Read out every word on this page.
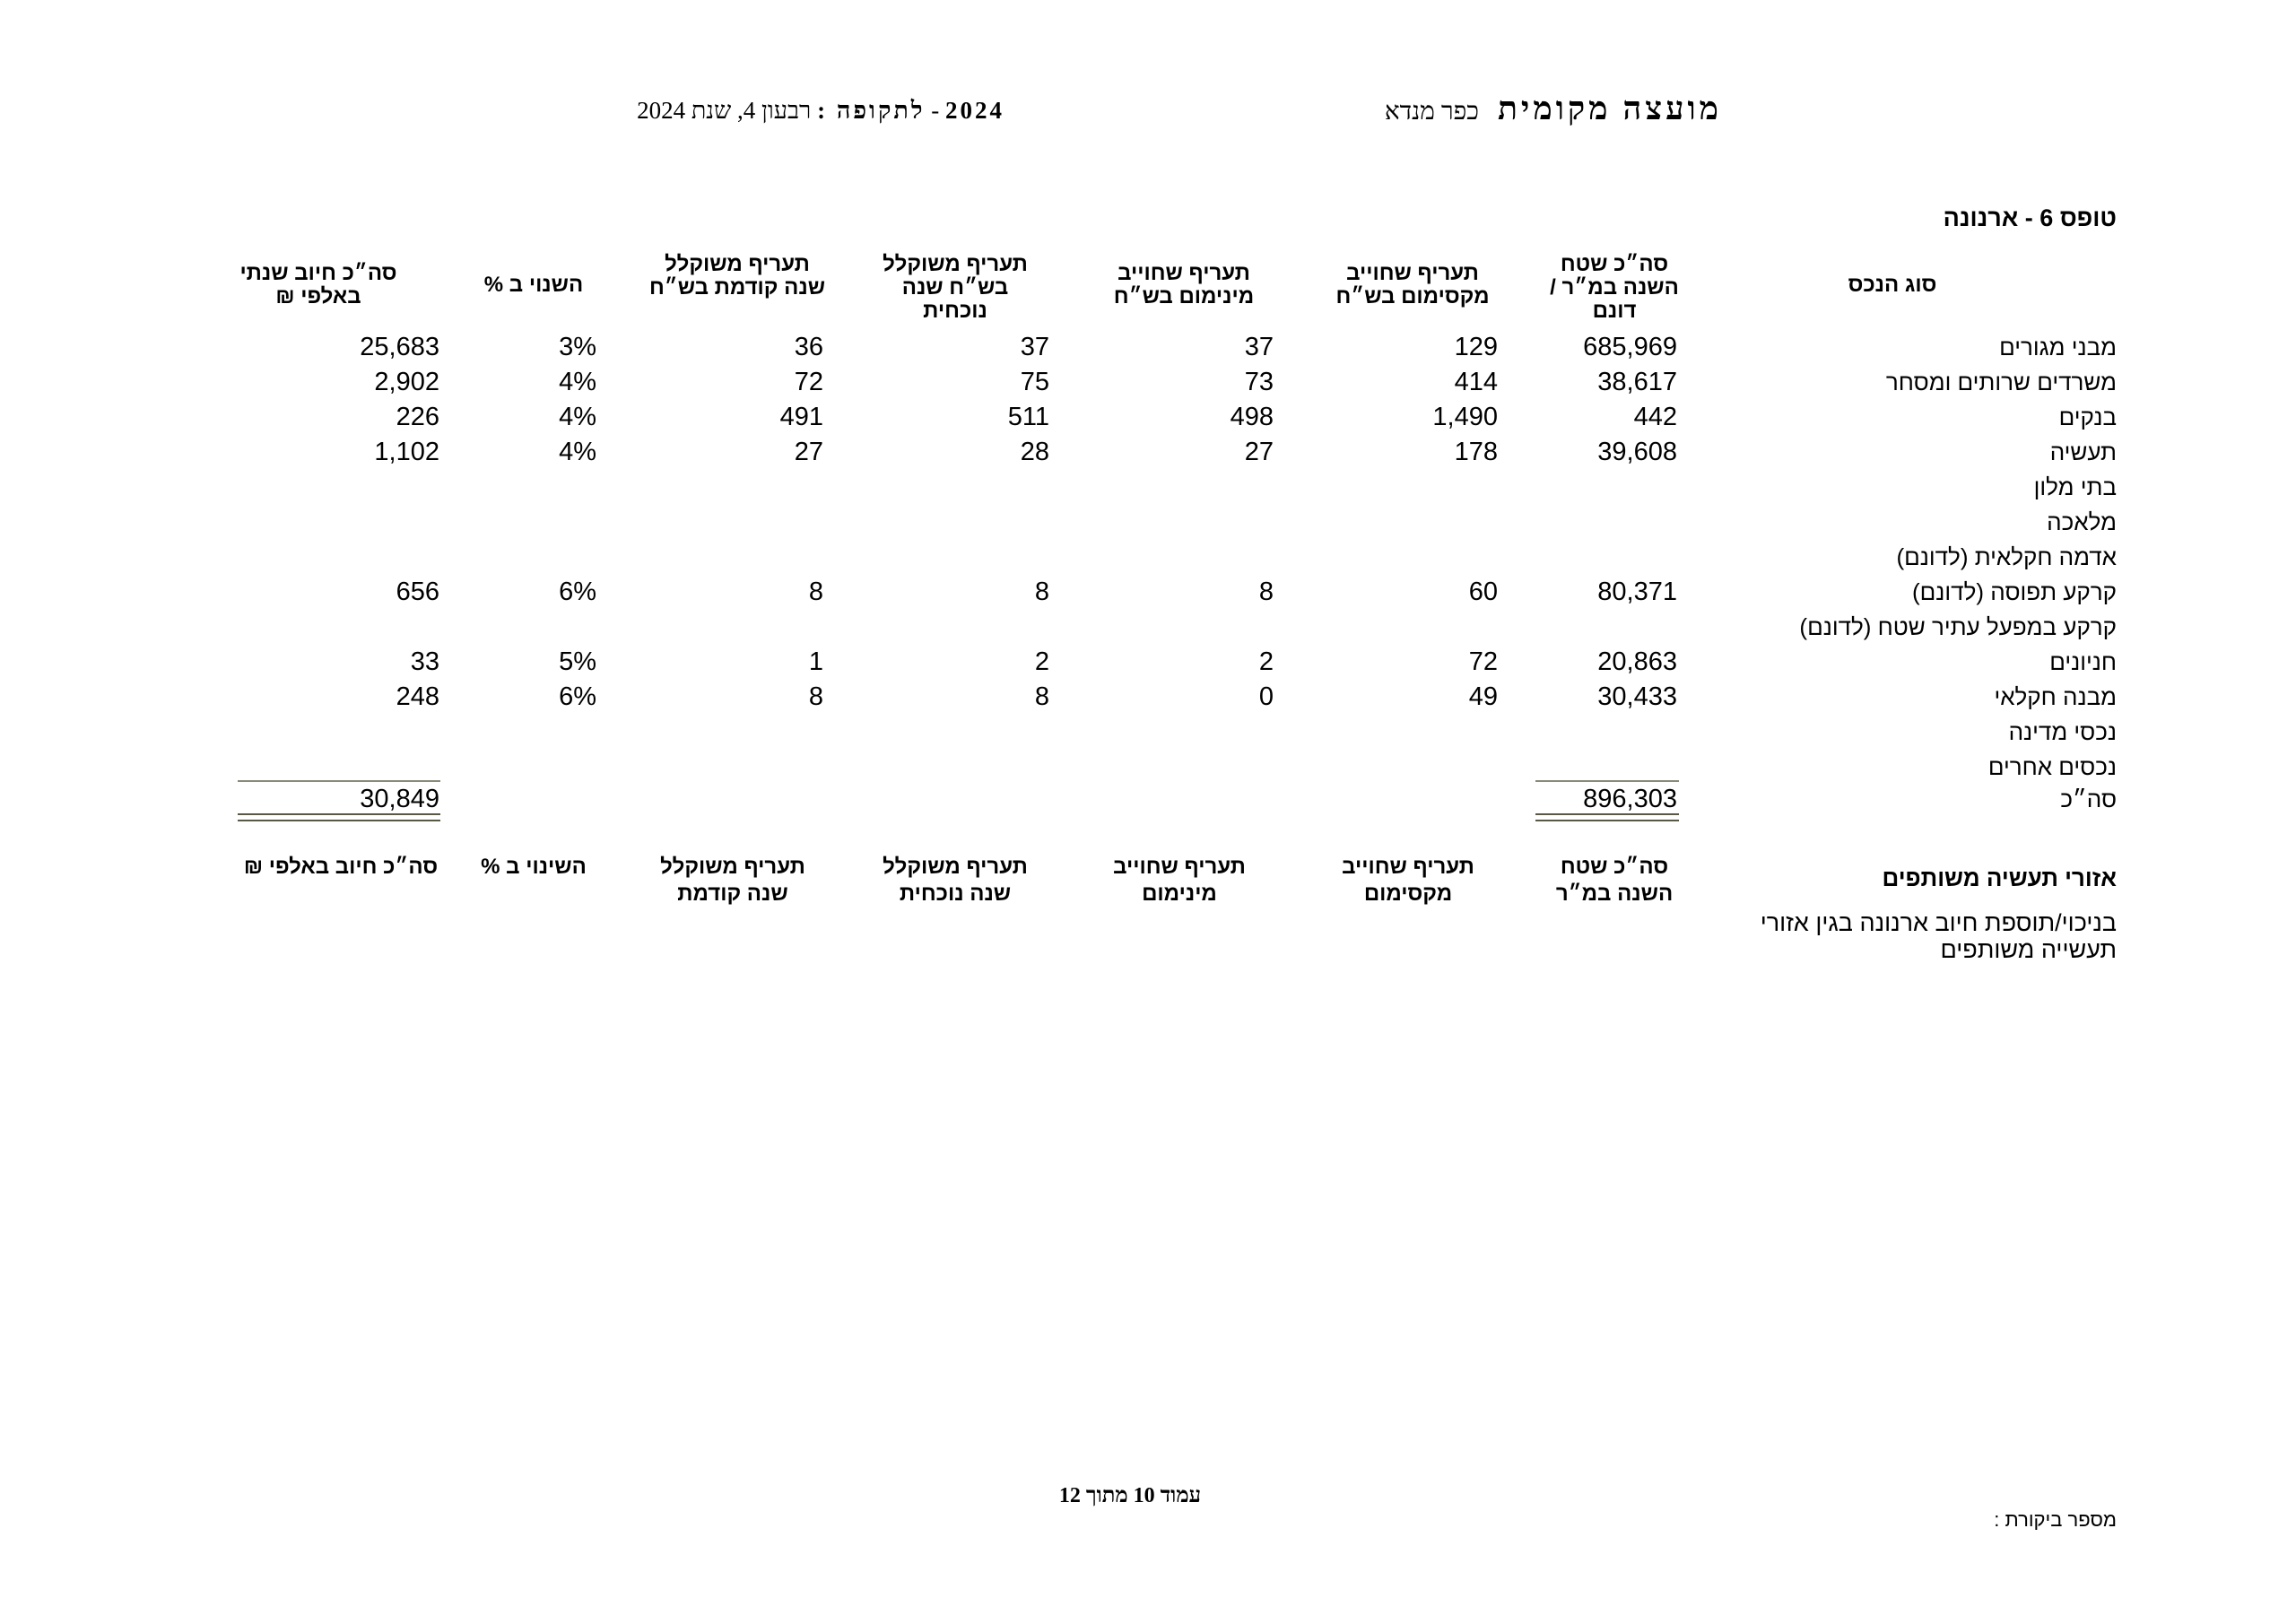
מועצה מקומית כפר מנדא
2024 - לתקופה : רבעון 4, שנת 2024
טופס 6 - ארנונה
סוג הנכס
סה״כ שטח השנה במ״ר / דונם
תעריף שחוייב מקסימום בש״ח
תעריף שחוייב מינימום בש״ח
תעריף משוקלל בש״ח שנה נוכחית
תעריף משוקלל שנה קודמת בש״ח
השנוי ב %
סה״כ חיוב שנתי באלפי ₪
מבני מגורים
685,969
129
37
37
36
3%
25,683
משרדים שרותים ומסחר
38,617
414
73
75
72
4%
2,902
בנקים
442
1,490
498
511
491
4%
226
תעשיה
39,608
178
27
28
27
4%
1,102
בתי מלון
מלאכה
אדמה חקלאית (לדונם)
קרקע תפוסה (לדונם)
80,371
60
8
8
8
6%
656
קרקע במפעל עתיר שטח (לדונם)
חניונים
20,863
72
2
2
1
5%
33
מבנה חקלאי
30,433
49
0
8
8
6%
248
נכסי מדינה
נכסים אחרים
סה״כ
896,303
30,849
אזורי תעשיה משותפים
סה״כ שטח השנה במ״ר
תעריף שחוייב מקסימום
תעריף שחוייב מינימום
תעריף משוקלל שנה נוכחית
תעריף משוקלל שנה קודמת
השינוי ב %
סה״כ חיוב באלפי ₪
בניכוי/תוספת חיוב ארנונה בגין אזורי תעשייה משותפים
עמוד 10 מתוך 12
מספר ביקורת :
